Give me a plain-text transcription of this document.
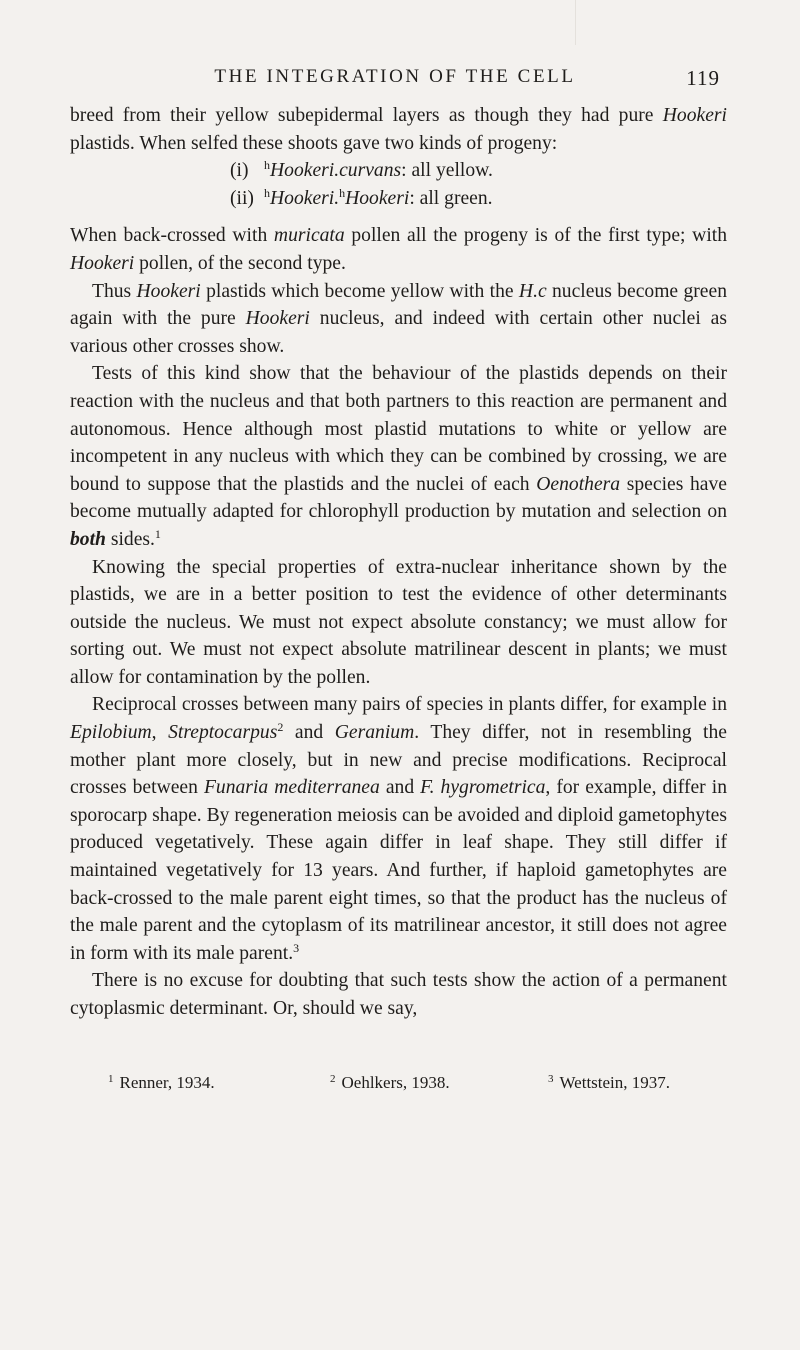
THE INTEGRATION OF THE CELL	119

breed from their yellow subepidermal layers as though they had pure Hookeri plastids. When selfed these shoots gave two kinds of progeny:

(i) $^h$Hookeri.curvans: all yellow.
(ii) $^h$Hookeri.$^h$Hookeri: all green.

When back-crossed with muricata pollen all the progeny is of the first type; with Hookeri pollen, of the second type.

Thus Hookeri plastids which become yellow with the H.c nucleus become green again with the pure Hookeri nucleus, and indeed with certain other nuclei as various other crosses show.

Tests of this kind show that the behaviour of the plastids depends on their reaction with the nucleus and that both partners to this reaction are permanent and autonomous. Hence although most plastid mutations to white or yellow are incompetent in any nucleus with which they can be combined by crossing, we are bound to suppose that the plastids and the nuclei of each Oenothera species have become mutually adapted for chlorophyll production by mutation and selection on both sides.$^1$

Knowing the special properties of extra-nuclear inheritance shown by the plastids, we are in a better position to test the evidence of other determinants outside the nucleus. We must not expect absolute constancy; we must allow for sorting out. We must not expect absolute matrilinear descent in plants; we must allow for contamination by the pollen.

Reciprocal crosses between many pairs of species in plants differ, for example in Epilobium, Streptocarpus$^2$ and Geranium. They differ, not in resembling the mother plant more closely, but in new and precise modifications. Reciprocal crosses between Funaria mediterranea and F. hygrometrica, for example, differ in sporocarp shape. By regeneration meiosis can be avoided and diploid gametophytes produced vegetatively. These again differ in leaf shape. They still differ if maintained vegetatively for 13 years. And further, if haploid gametophytes are back-crossed to the male parent eight times, so that the product has the nucleus of the male parent and the cytoplasm of its matrilinear ancestor, it still does not agree in form with its male parent.$^3$

There is no excuse for doubting that such tests show the action of a permanent cytoplasmic determinant. Or, should we say,

$^1$ Renner, 1934.	$^2$ Oehlkers, 1938.	$^3$ Wettstein, 1937.
